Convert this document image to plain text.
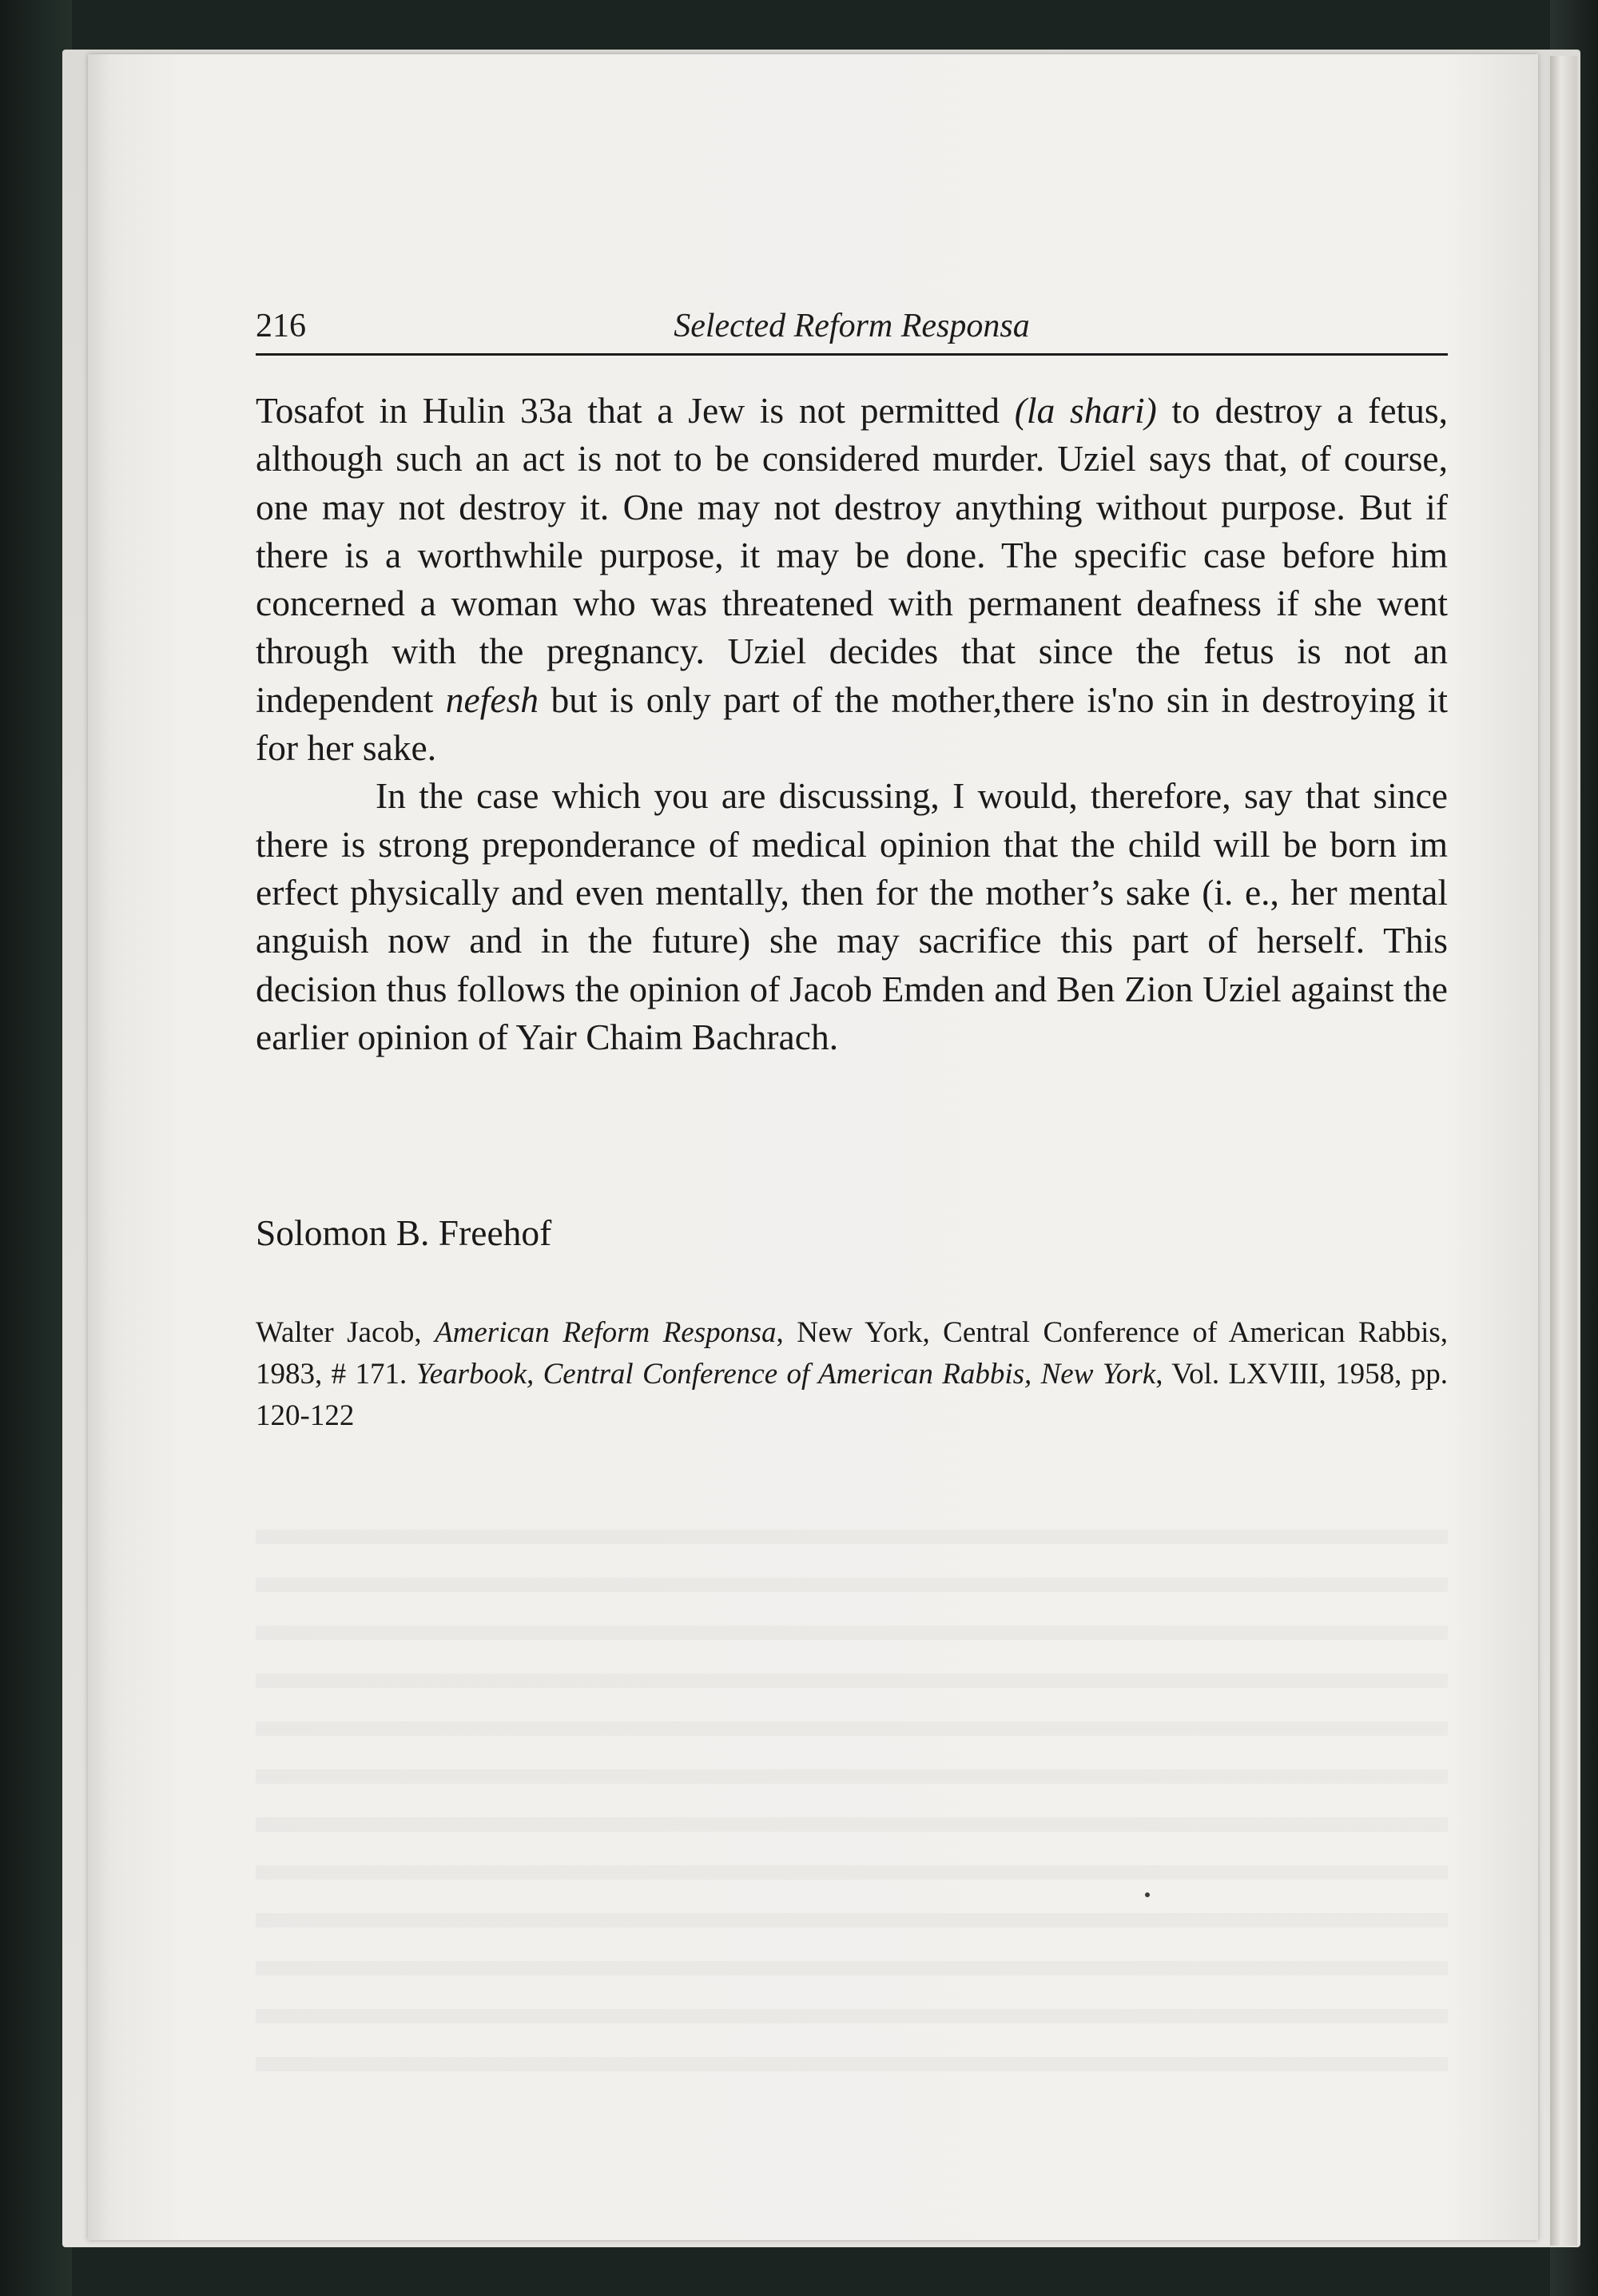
216	Selected Reform Responsa

Tosafot in Hulin 33a that a Jew is not permitted (la shari) to destroy a fetus, although such an act is not to be considered murder. Uziel says that, of course, one may not destroy it. One may not destroy anything without purpose. But if there is a worthwhile purpose, it may be done. The specific case before him concerned a woman who was threatened with permanent deafness if she went through with the pregnancy. Uziel decides that since the fetus is not an independent nefesh but is only part of the mother,there is'no sin in destroying it for her sake.

In the case which you are discussing, I would, therefore, say that since there is strong preponderance of medical opinion that the child will be born im erfect physically and even mentally, then for the mother’s sake (i. e., her mental anguish now and in the future) she may sacrifice this part of herself. This decision thus follows the opinion of Jacob Emden and Ben Zion Uziel against the earlier opinion of Yair Chaim Bachrach.

Solomon B. Freehof
Walter Jacob, American Reform Responsa, New York, Central Conference of American Rabbis, 1983, # 171. Yearbook, Central Conference of American Rabbis, New York, Vol. LXVIII, 1958, pp. 120-122
